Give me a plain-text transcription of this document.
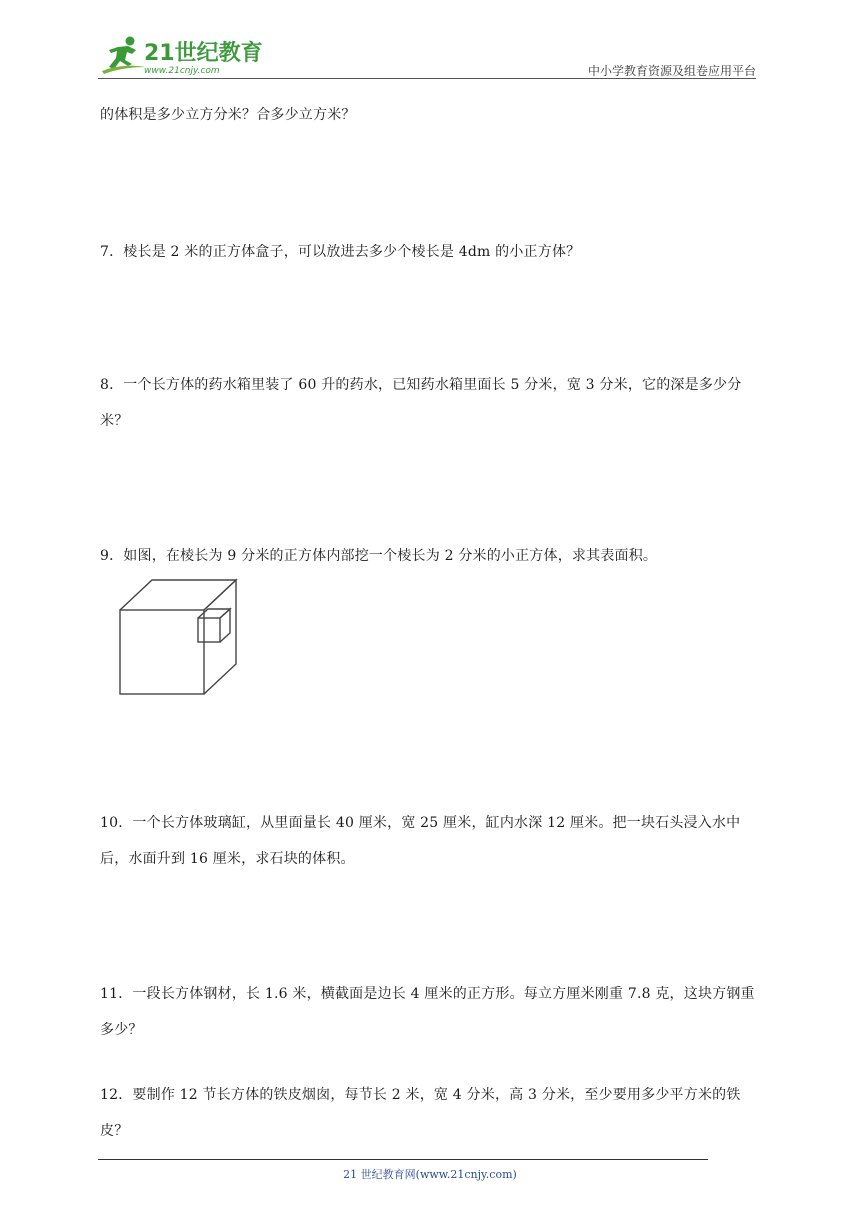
21世纪教育
www.21cnjy.com	中小学教育资源及组卷应用平台
的体积是多少立方分米？合多少立方米？
7．棱长是 2 米的正方体盒子，可以放进去多少个棱长是 4dm 的小正方体？
8．一个长方体的药水箱里装了 60 升的药水，已知药水箱里面长 5 分米，宽 3 分米，它的深是多少分米？
9．如图，在棱长为 9 分米的正方体内部挖一个棱长为 2 分米的小正方体，求其表面积。
10．一个长方体玻璃缸，从里面量长 40 厘米，宽 25 厘米，缸内水深 12 厘米。把一块石头浸入水中后，水面升到 16 厘米，求石块的体积。
11．一段长方体钢材，长 1.6 米，横截面是边长 4 厘米的正方形。每立方厘米刚重 7.8 克，这块方钢重多少？
12．要制作 12 节长方体的铁皮烟囱，每节长 2 米，宽 4 分米，高 3 分米，至少要用多少平方米的铁皮？
21 世纪教育网(www.21cnjy.com)
